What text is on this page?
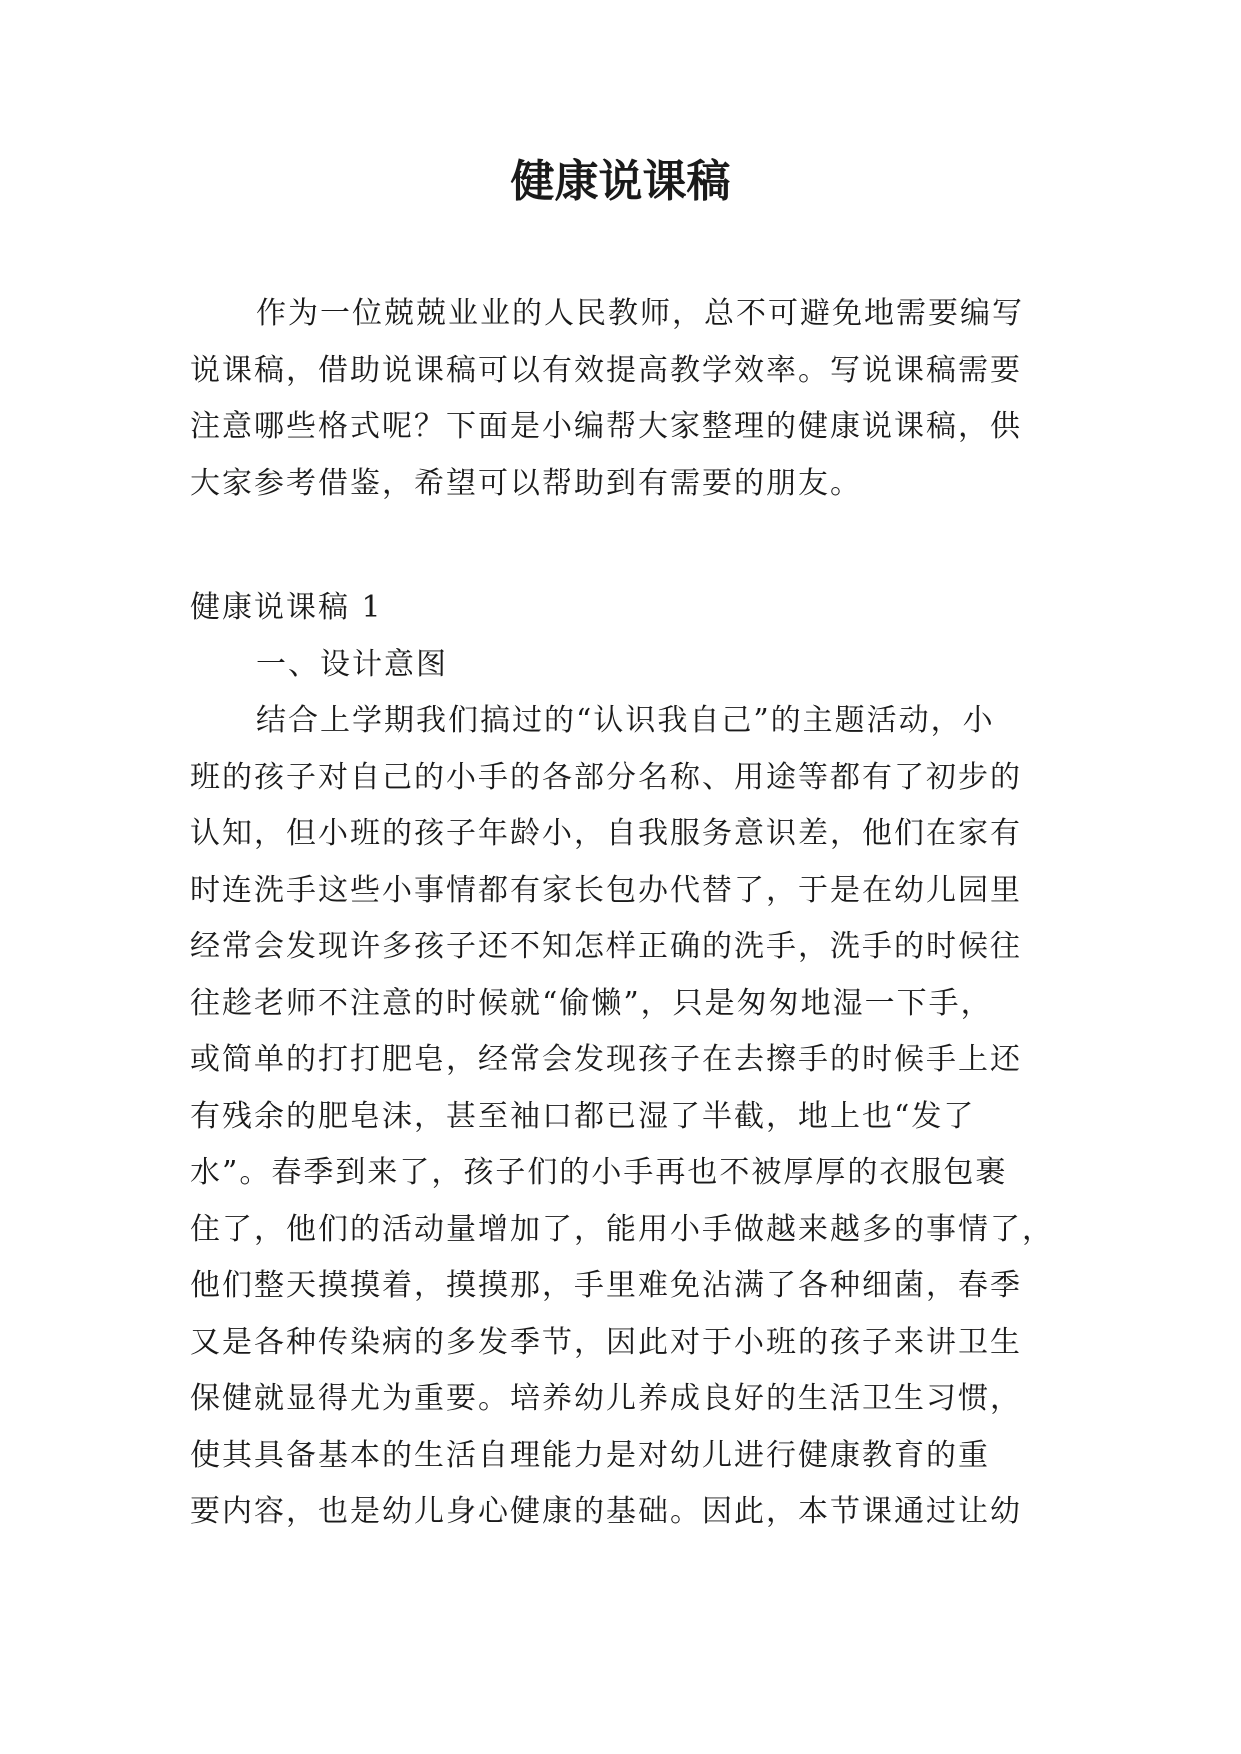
健康说课稿

作为一位兢兢业业的人民教师，总不可避免地需要编写

说课稿，借助说课稿可以有效提高教学效率。写说课稿需要

注意哪些格式呢？下面是小编帮大家整理的健康说课稿，供

大家参考借鉴，希望可以帮助到有需要的朋友。

健康说课稿 1

一、设计意图

结合上学期我们搞过的“认识我自己”的主题活动，小

班的孩子对自己的小手的各部分名称、用途等都有了初步的

认知，但小班的孩子年龄小，自我服务意识差，他们在家有

时连洗手这些小事情都有家长包办代替了，于是在幼儿园里

经常会发现许多孩子还不知怎样正确的洗手，洗手的时候往

往趁老师不注意的时候就“偷懒”，只是匆匆地湿一下手，

或简单的打打肥皂，经常会发现孩子在去擦手的时候手上还

有残余的肥皂沫，甚至袖口都已湿了半截，地上也“发了

水”。春季到来了，孩子们的小手再也不被厚厚的衣服包裹

住了，他们的活动量增加了，能用小手做越来越多的事情了，

他们整天摸摸着，摸摸那，手里难免沾满了各种细菌，春季

又是各种传染病的多发季节，因此对于小班的孩子来讲卫生

保健就显得尤为重要。培养幼儿养成良好的生活卫生习惯，

使其具备基本的生活自理能力是对幼儿进行健康教育的重

要内容，也是幼儿身心健康的基础。因此，本节课通过让幼
